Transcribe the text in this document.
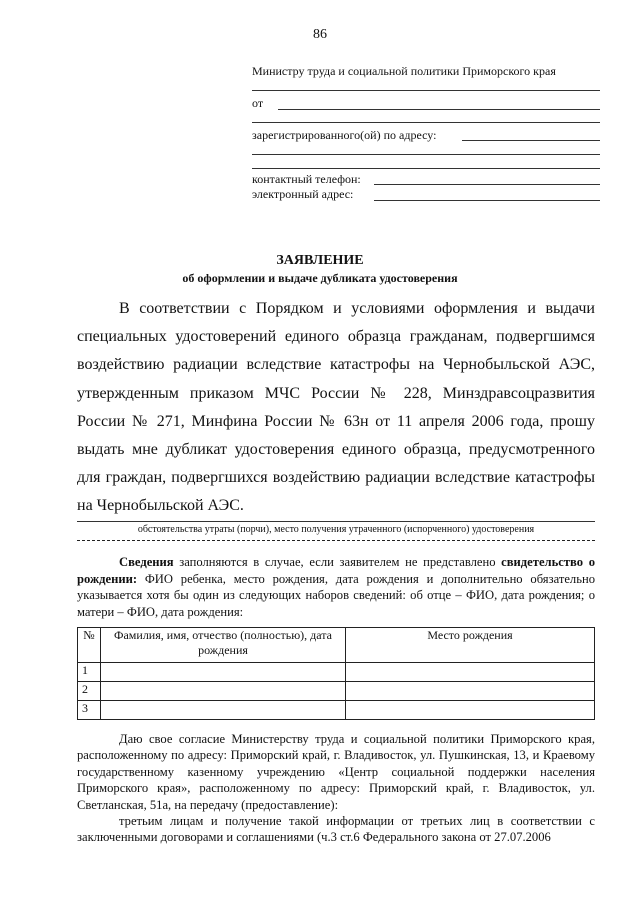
86
Министру труда и социальной политики Приморского края
от
зарегистрированного(ой) по адресу:
контактный телефон:
электронный адрес:
ЗАЯВЛЕНИЕ
об оформлении и выдаче дубликата удостоверения
В соответствии с Порядком и условиями оформления и выдачи специальных удостоверений единого образца гражданам, подвергшимся воздействию радиации вследствие катастрофы на Чернобыльской АЭС, утвержденным приказом МЧС России № 228, Минздравсоцразвития России № 271, Минфина России № 63н от 11 апреля 2006 года, прошу выдать мне дубликат удостоверения единого образца, предусмотренного для граждан, подвергшихся воздействию радиации вследствие катастрофы на Чернобыльской АЭС.
обстоятельства утраты (порчи), место получения утраченного (испорченного) удостоверения
Сведения заполняются в случае, если заявителем не представлено свидетельство о рождении: ФИО ребенка, место рождения, дата рождения и дополнительно обязательно указывается хотя бы один из следующих наборов сведений: об отце – ФИО, дата рождения; о матери – ФИО, дата рождения:
№	Фамилия, имя, отчество (полностью), дата рождения	Место рождения
1		
2		
3		

Даю свое согласие Министерству труда и социальной политики Приморского края, расположенному по адресу: Приморский край, г. Владивосток, ул. Пушкинская, 13, и Краевому государственному казенному учреждению «Центр социальной поддержки населения Приморского края», расположенному по адресу: Приморский край, г. Владивосток, ул. Светланская, 51а, на передачу (предоставление):

третьим лицам и получение такой информации от третьих лиц в соответствии с заключенными договорами и соглашениями (ч.3 ст.6 Федерального закона от 27.07.2006
